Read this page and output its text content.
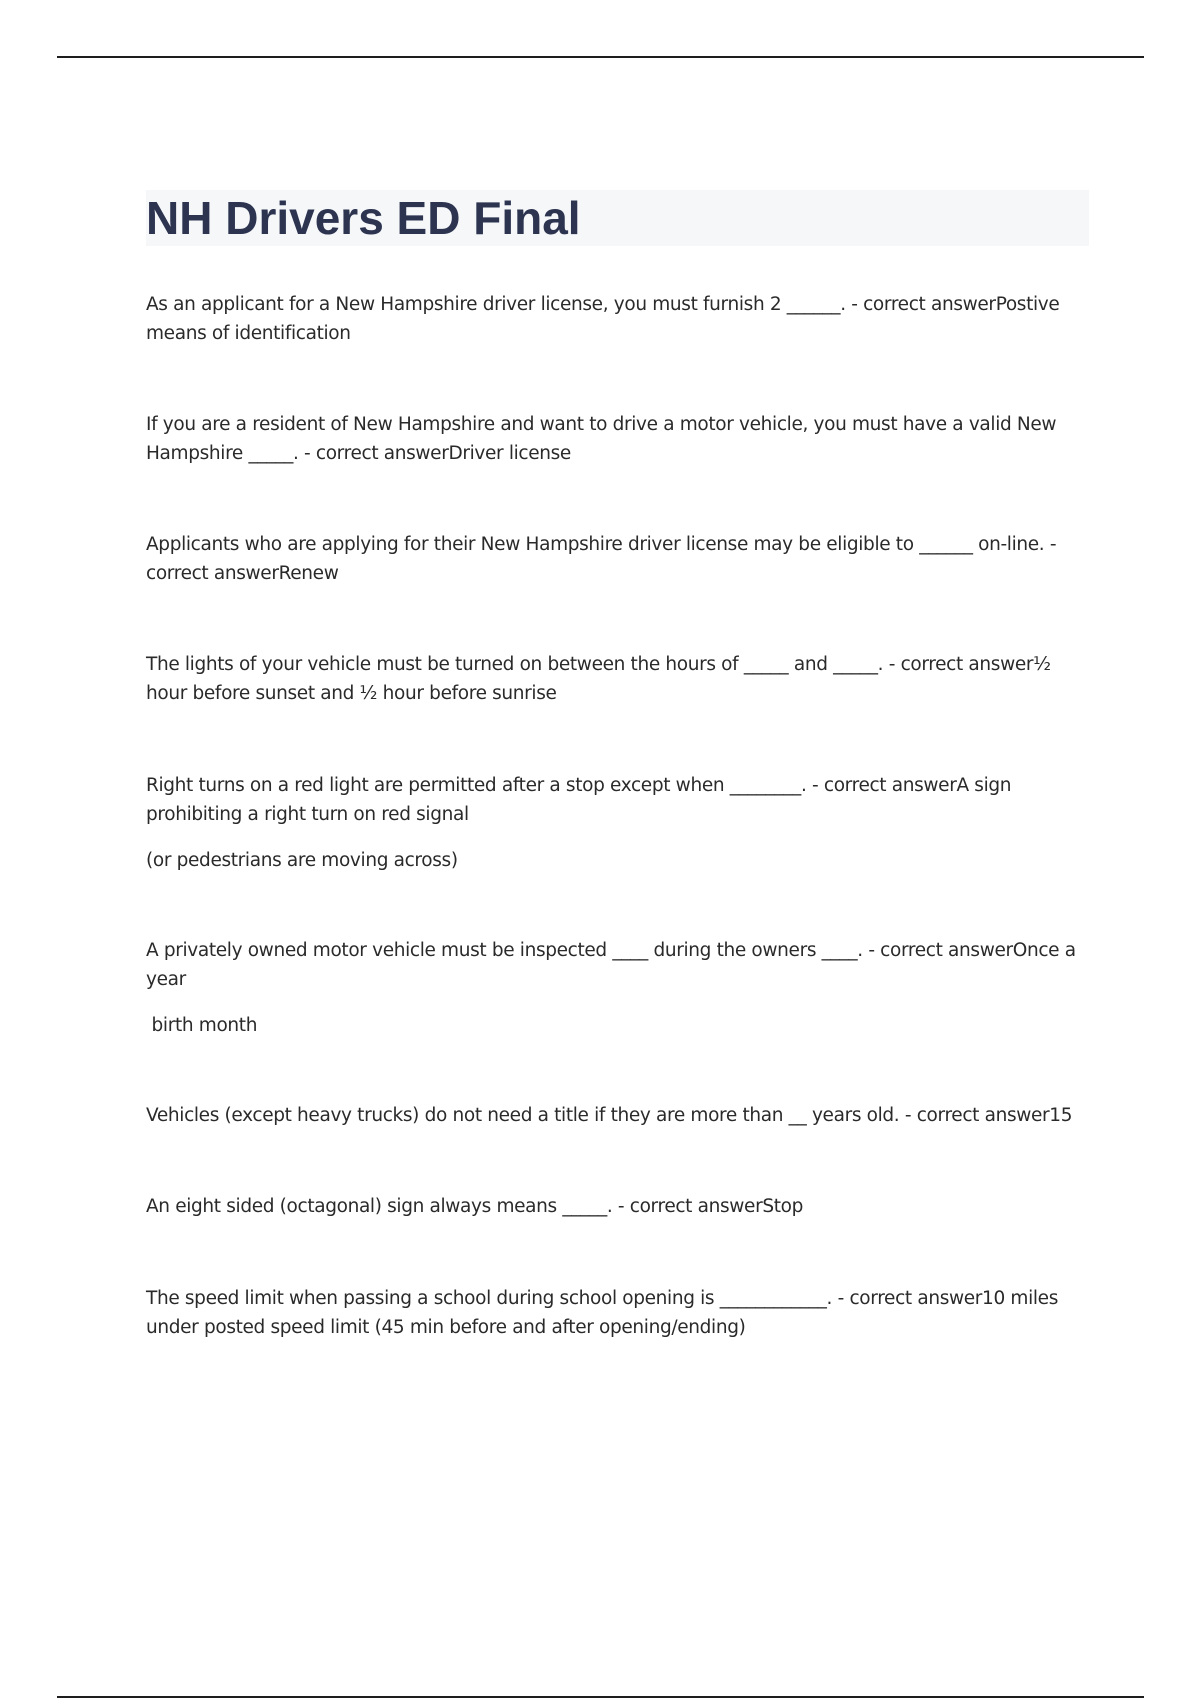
NH Drivers ED Final

As an applicant for a New Hampshire driver license, you must furnish 2 ______. - correct answerPostive means of identification

If you are a resident of New Hampshire and want to drive a motor vehicle, you must have a valid New Hampshire _____. - correct answerDriver license

Applicants who are applying for their New Hampshire driver license may be eligible to ______ on-line. - correct answerRenew

The lights of your vehicle must be turned on between the hours of _____ and _____. - correct answer½ hour before sunset and ½ hour before sunrise

Right turns on a red light are permitted after a stop except when ________. - correct answerA sign prohibiting a right turn on red signal

(or pedestrians are moving across)

A privately owned motor vehicle must be inspected ____ during the owners ____. - correct answerOnce a year

birth month

Vehicles (except heavy trucks) do not need a title if they are more than __ years old. - correct answer15

An eight sided (octagonal) sign always means _____. - correct answerStop

The speed limit when passing a school during school opening is ____________. - correct answer10 miles under posted speed limit (45 min before and after opening/ending)
